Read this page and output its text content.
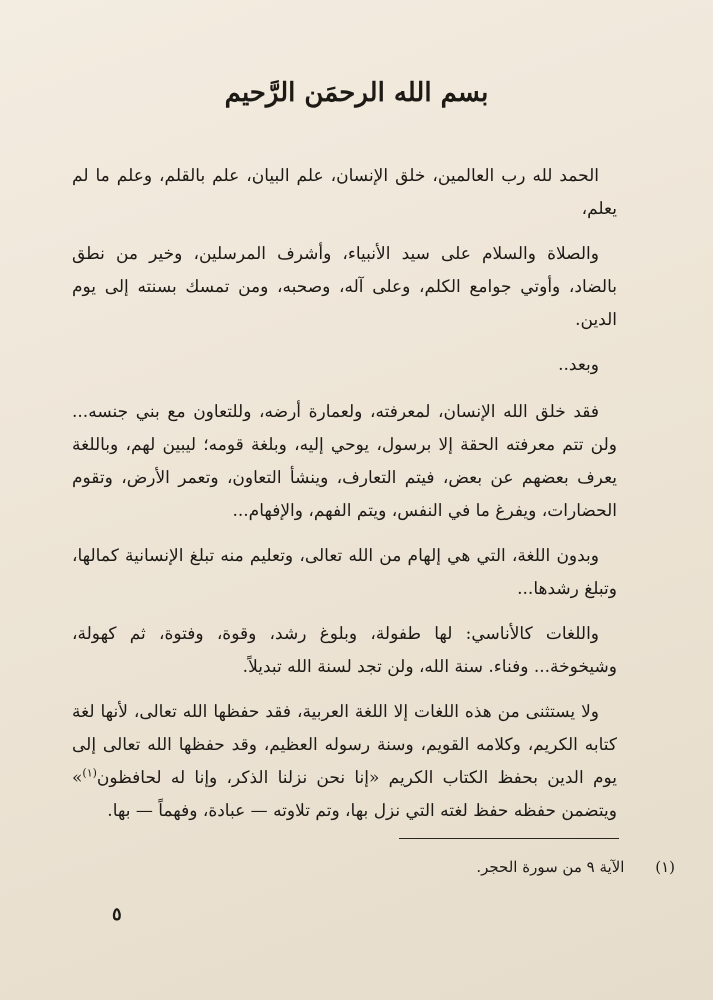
بسم الله الرحمَن الرَّحيم

الحمد لله رب العالمين، خلق الإنسان، علم البيان، علم بالقلم، وعلم ما لم يعلم،

والصلاة والسلام على سيد الأنبياء، وأشرف المرسلين، وخير من نطق بالضاد، وأوتي جوامع الكلم، وعلى آله، وصحبه، ومن تمسك بسنته إلى يوم الدين.

وبعد..

فقد خلق الله الإنسان، لمعرفته، ولعمارة أرضه، وللتعاون مع بني جنسه... ولن تتم معرفته الحقة إلا برسول، يوحي إليه، وبلغة قومه؛ ليبين لهم، وباللغة يعرف بعضهم عن بعض، فيتم التعارف، وينشأ التعاون، وتعمر الأرض، وتقوم الحضارات، ويفرغ ما في النفس، ويتم الفهم، والإفهام...

وبدون اللغة، التي هي إلهام من الله تعالى، وتعليم منه تبلغ الإنسانية كمالها، وتبلغ رشدها...

واللغات كالأناسي: لها طفولة، وبلوغ رشد، وقوة، وفتوة، ثم كهولة، وشيخوخة... وفناء. سنة الله، ولن تجد لسنة الله تبديلاً.

ولا يستثنى من هذه اللغات إلا اللغة العربية، فقد حفظها الله تعالى، لأنها لغة كتابه الكريم، وكلامه القويم، وسنة رسوله العظيم، وقد حفظها الله تعالى إلى يوم الدين بحفظ الكتاب الكريم «إنا نحن نزلنا الذكر، وإنا له لحافظون$^{(١)}$» ويتضمن حفظه حفظ لغته التي نزل بها، وتم تلاوته — عبادة، وفهماً — بها.

(١) الآية ٩ من سورة الحجر.
٥
